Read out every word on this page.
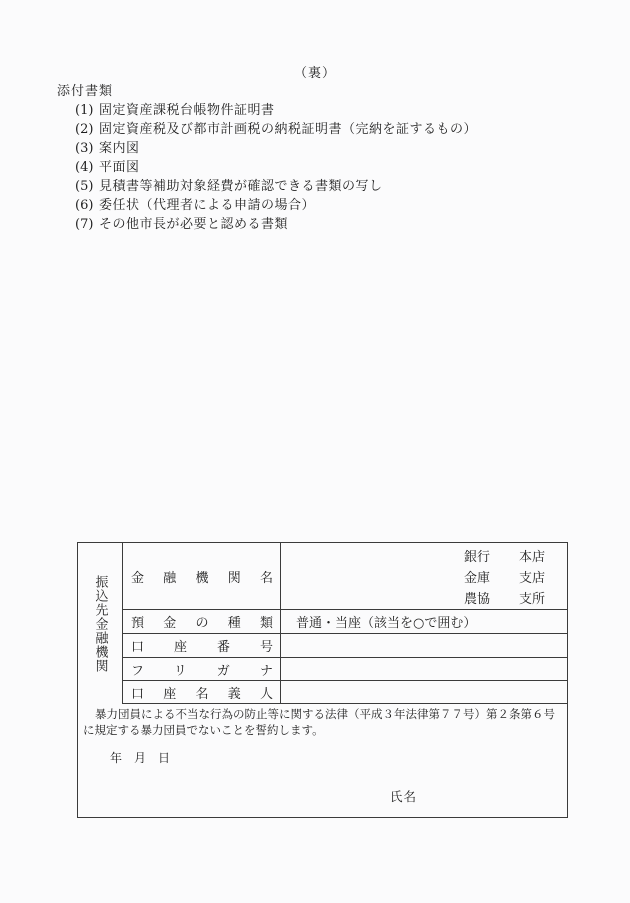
（裏）
添付書類
(1) 固定資産課税台帳物件証明書
(2) 固定資産税及び都市計画税の納税証明書（完納を証するもの）
(3) 案内図
(4) 平面図
(5) 見積書等補助対象経費が確認できる書類の写し
(6) 委任状（代理者による申請の場合）
(7) その他市長が必要と認める書類
振込先金融機関 金融機関名
銀行 本店
金庫 支店
農協 支所
預金の種類 普通・当座（該当を○で囲む）
口座番号
フリガナ
口座名義人
暴力団員による不当な行為の防止等に関する法律（平成３年法律第７７号）第２条第６号
に規定する暴力団員でないことを誓約します。
年　月　日
氏名
